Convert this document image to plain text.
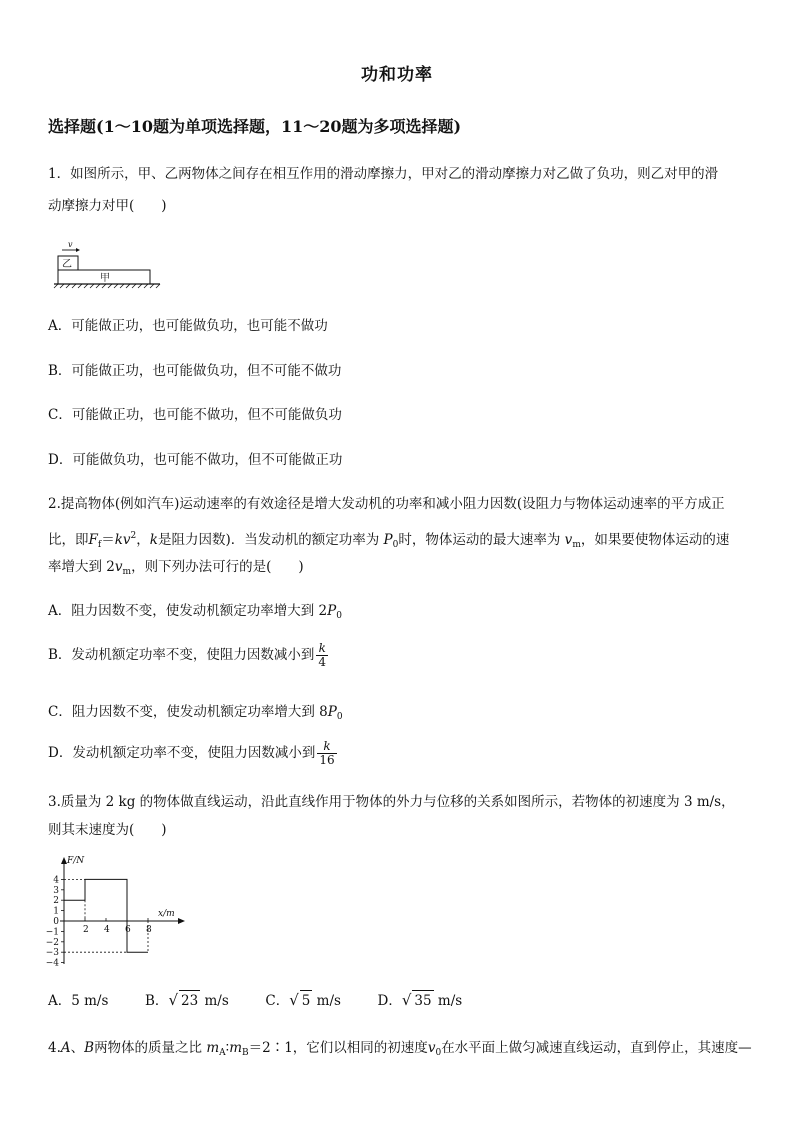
功和功率
选择题(1～10题为单项选择题，11～20题为多项选择题)
1．如图所示，甲、乙两物体之间存在相互作用的滑动摩擦力，甲对乙的滑动摩擦力对乙做了负功，则乙对甲的滑
动摩擦力对甲(　　)
v
乙
甲
A．可能做正功，也可能做负功，也可能不做功
B．可能做正功，也可能做负功，但不可能不做功
C．可能做正功，也可能不做功，但不可能做负功
D．可能做负功，也可能不做功，但不可能做正功
2.提高物体(例如汽车)运动速率的有效途径是增大发动机的功率和减小阻力因数(设阻力与物体运动速率的平方成正
比，即$F_f=kv^2$，k是阻力因数)．当发动机的额定功率为 $P_0$时，物体运动的最大速率为 $v_m$，如果要使物体运动的速
率增大到 $2v_m$，则下列办法可行的是(　　)
A．阻力因数不变，使发动机额定功率增大到 $2P_0$
B．发动机额定功率不变，使阻力因数减小到 $\frac{k}{4}$
C．阻力因数不变，使发动机额定功率增大到 $8P_0$
D．发动机额定功率不变，使阻力因数减小到 $\frac{k}{16}$
3.质量为 2 kg 的物体做直线运动，沿此直线作用于物体的外力与位移的关系如图所示，若物体的初速度为 3 m/s，
则其末速度为(　　)
F/N
x/m
4
3
2
1
0
−1
−2
−3
−4
2 4 6 8
A．5 m/s	B．√ 23 m/s	C．√ 5 m/s	D．√ 35 m/s
4.A、B两物体的质量之比 $m_A∶m_B=2∶1$，它们以相同的初速度$v_0$在水平面上做匀减速直线运动，直到停止，其速度—
